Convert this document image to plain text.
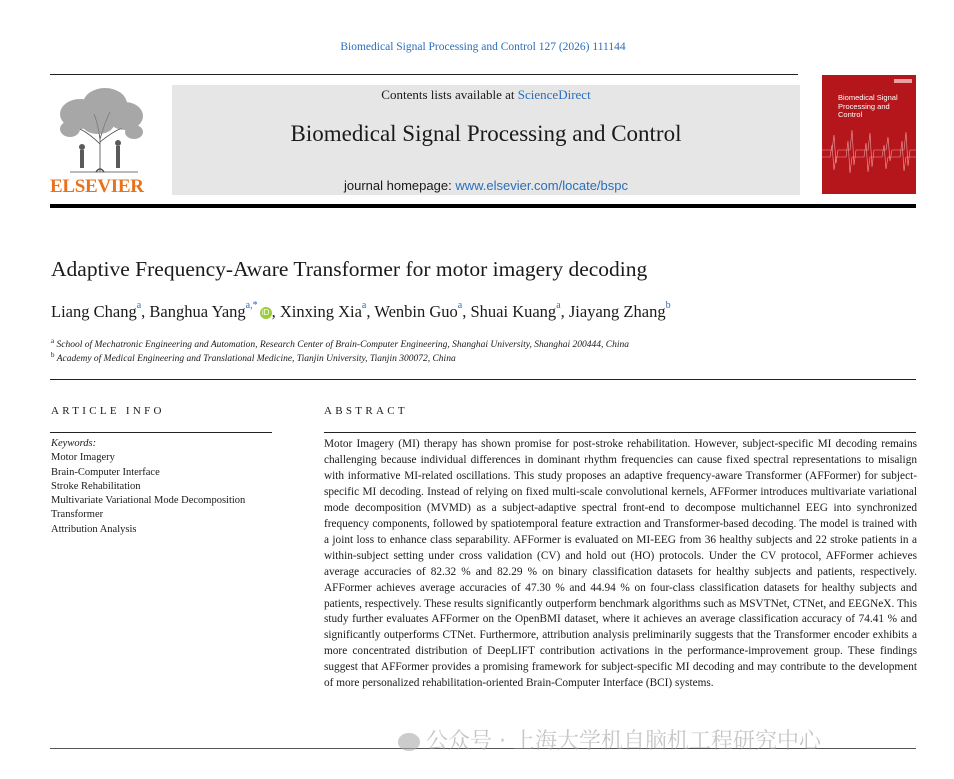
Biomedical Signal Processing and Control 127 (2026) 111144
ELSEVIER
Contents lists available at ScienceDirect
Biomedical Signal Processing and Control
journal homepage: www.elsevier.com/locate/bspc
Biomedical Signal Processing and Control
Adaptive Frequency-Aware Transformer for motor imagery decoding
Liang Chang$^a$, Banghua Yang$^{a,*}$iD , Xinxing Xia$^a$, Wenbin Guo$^a$, Shuai Kuang$^a$, Jiayang Zhang$^b$
$^a$ School of Mechatronic Engineering and Automation, Research Center of Brain-Computer Engineering, Shanghai University, Shanghai 200444, China
$^b$ Academy of Medical Engineering and Translational Medicine, Tianjin University, Tianjin 300072, China
ARTICLE INFO	ABSTRACT
Keywords:
Motor Imagery
Brain-Computer Interface
Stroke Rehabilitation
Multivariate Variational Mode Decomposition
Transformer
Attribution Analysis
Motor Imagery (MI) therapy has shown promise for post-stroke rehabilitation. However, subject-specific MI decoding remains challenging because individual differences in dominant rhythm frequencies can cause fixed spectral representations to misalign with informative MI-related oscillations. This study proposes an adaptive frequency-aware Transformer (AFFormer) for subject-specific MI decoding. Instead of relying on fixed multi-scale convolutional kernels, AFFormer introduces multivariate variational mode decomposition (MVMD) as a subject-adaptive spectral front-end to decompose multichannel EEG into synchronized frequency components, followed by spatiotemporal feature extraction and Transformer-based decoding. The model is trained with a joint loss to enhance class separability. AFFormer is evaluated on MI-EEG from 36 healthy subjects and 22 stroke patients in a within-subject setting under cross validation (CV) and hold out (HO) protocols. Under the CV protocol, AFFormer achieves average accuracies of 82.32 % and 82.29 % on binary classification datasets for healthy subjects and patients, respectively. AFFormer achieves average accuracies of 47.30 % and 44.94 % on four-class classification datasets for healthy subjects and patients, respectively. These results significantly outperform benchmark algorithms such as MSVTNet, CTNet, and EEGNeX. This study further evaluates AFFormer on the OpenBMI dataset, where it achieves an average classification accuracy of 74.41 % and significantly outperforms CTNet. Furthermore, attribution analysis preliminarily suggests that the Transformer encoder exhibits a more concentrated distribution of DeepLIFT contribution activations in the performance-improvement group. These findings suggest that AFFormer provides a promising framework for subject-specific MI decoding and may contribute to the development of more personalized rehabilitation-oriented Brain-Computer Interface (BCI) systems.
公众号 · 上海大学机自脑机工程研究中心
